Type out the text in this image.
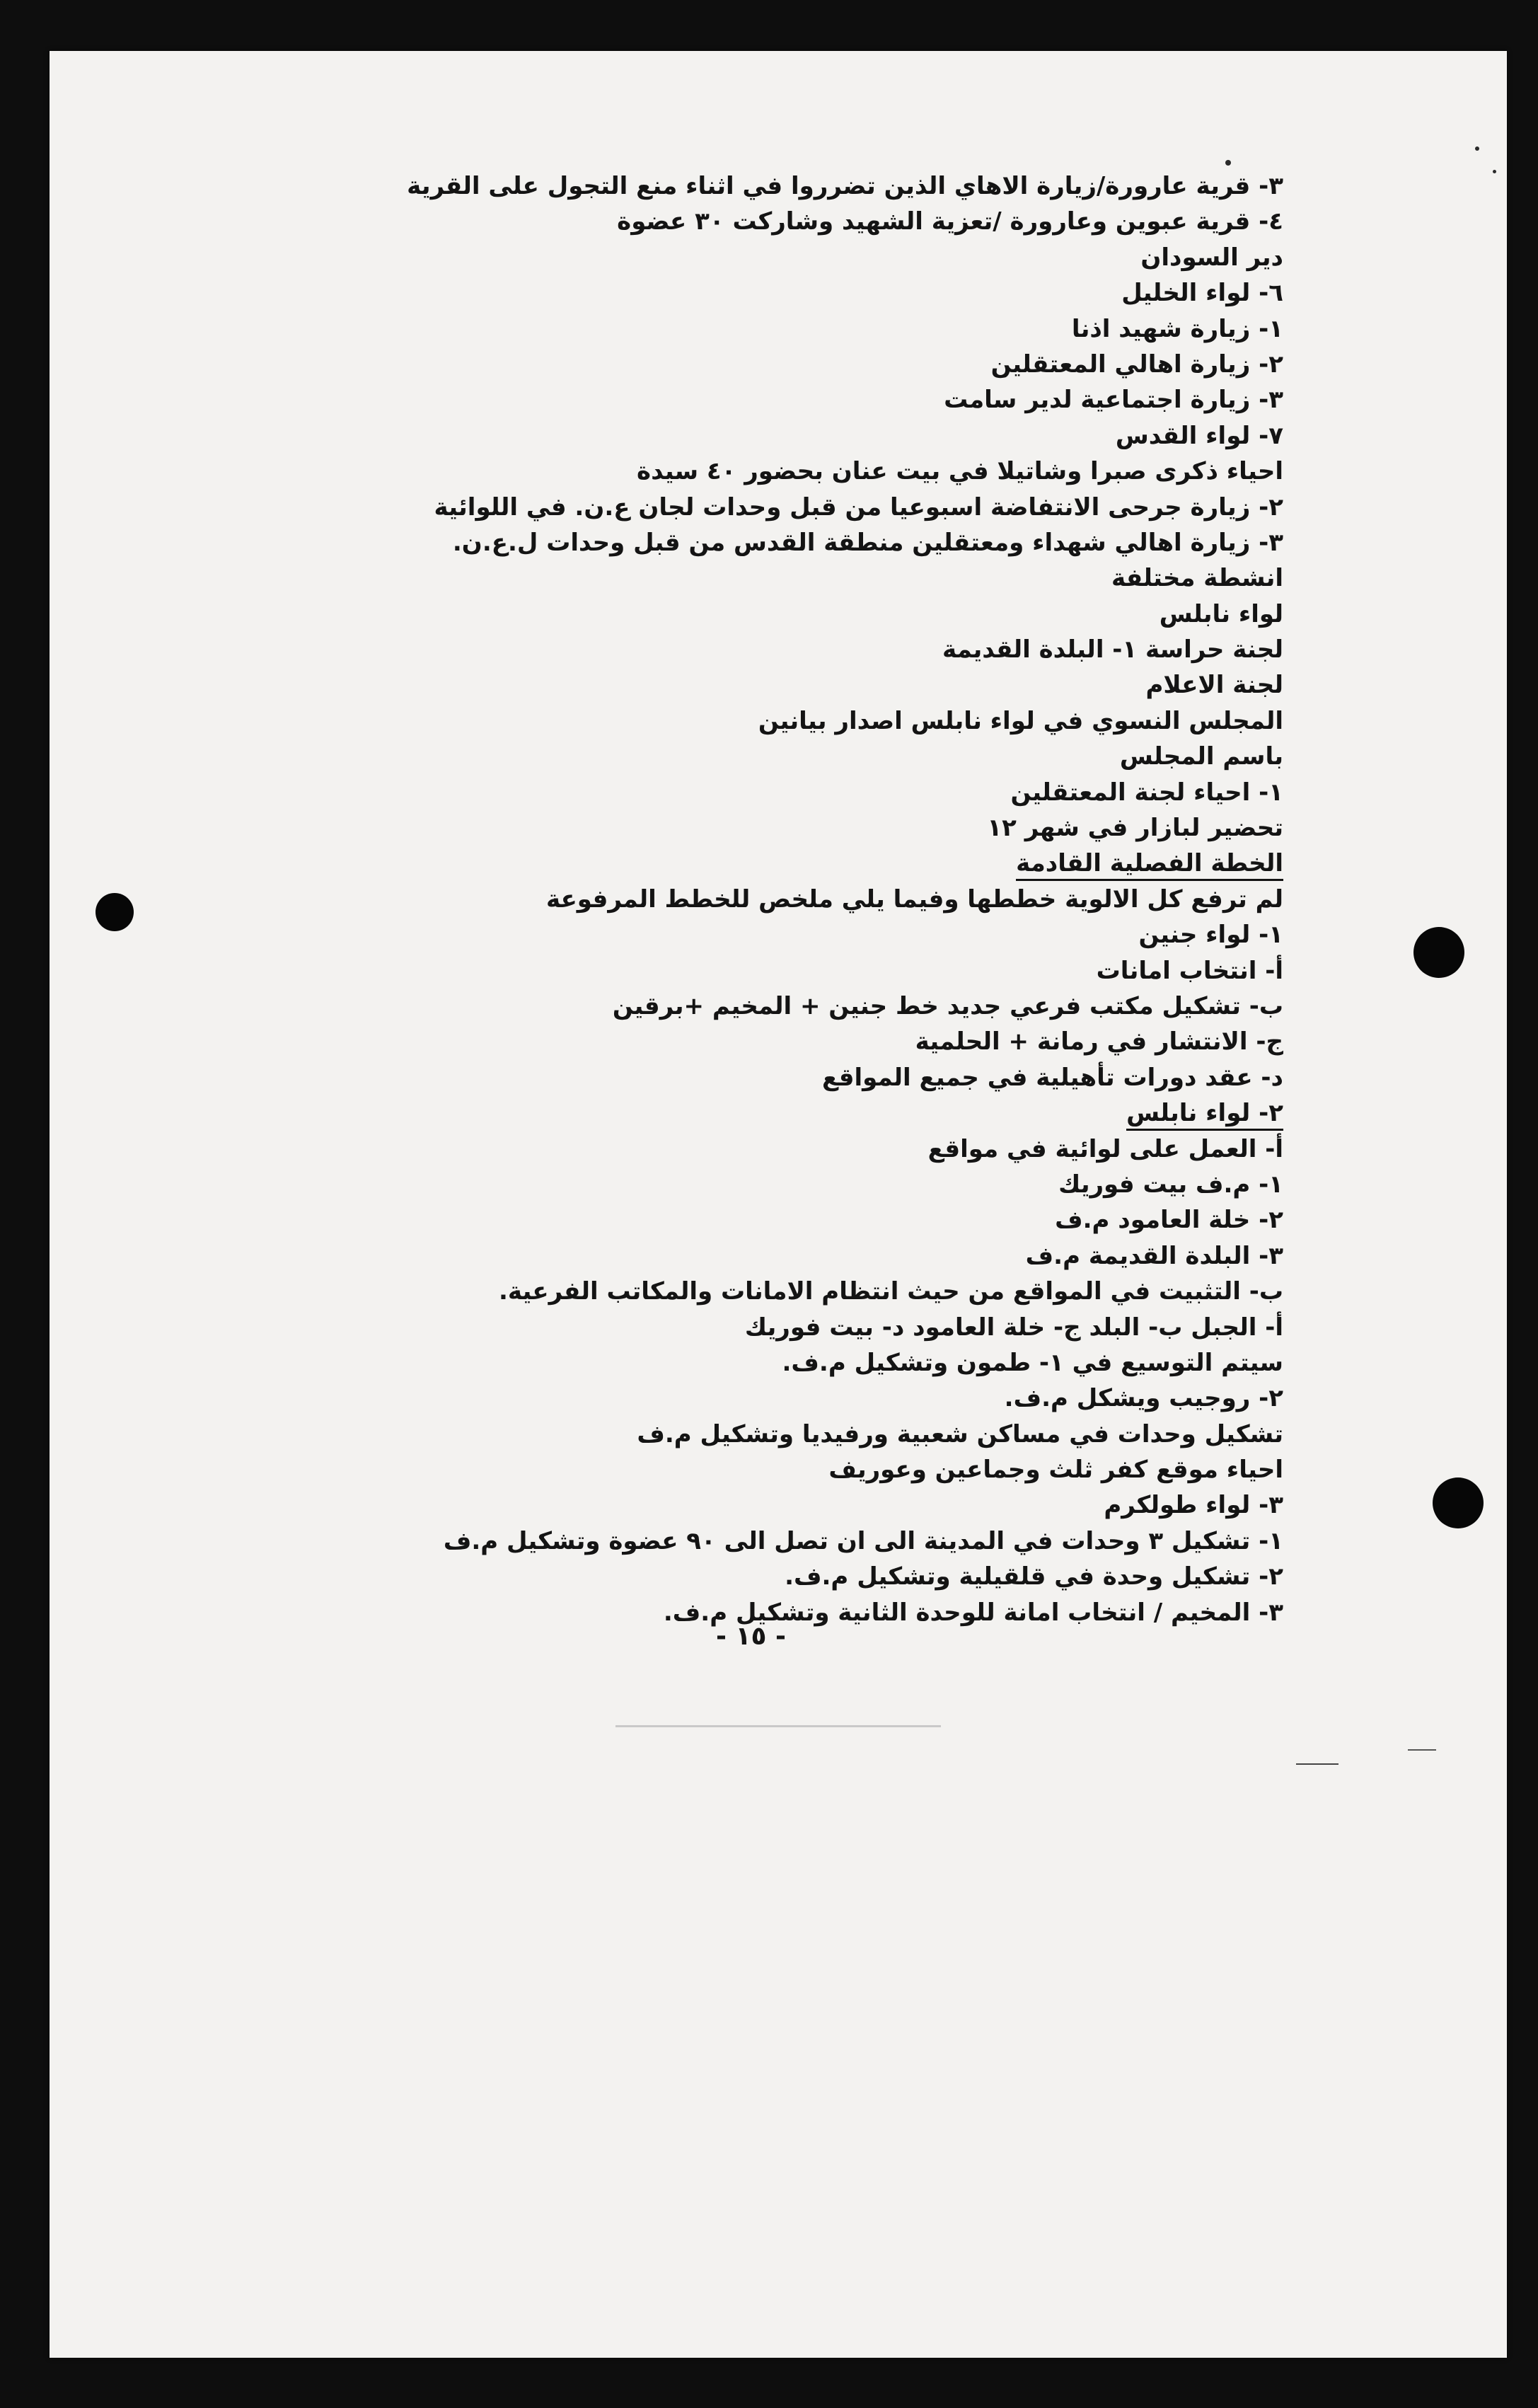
٣- قرية عارورة/زيارة الاهاي الذين تضرروا في اثناء منع التجول على القرية
٤- قرية عبوين وعارورة /تعزية الشهيد وشاركت ٣٠ عضوة
دير السودان
٦- لواء الخليل
١- زيارة شهيد اذنا
٢- زيارة اهالي المعتقلين
٣- زيارة اجتماعية لدير سامت
٧- لواء القدس
احياء ذكرى صبرا وشاتيلا في بيت عنان بحضور ٤٠ سيدة
٢- زيارة جرحى الانتفاضة اسبوعيا من قبل وحدات لجان ع.ن. في اللوائية
٣- زيارة اهالي شهداء ومعتقلين منطقة القدس من قبل وحدات ل.ع.ن.
انشطة مختلفة
لواء نابلس
لجنة حراسة ١- البلدة القديمة
لجنة الاعلام
المجلس النسوي في لواء نابلس اصدار بيانين
باسم المجلس
١- احياء لجنة المعتقلين
تحضير لبازار في شهر ١٢
الخطة الفصلية القادمة
لم ترفع كل الالوية خططها وفيما يلي ملخص للخطط المرفوعة
١- لواء جنين
أ- انتخاب امانات
ب- تشكيل مكتب فرعي جديد خط جنين + المخيم +برقين
ج- الانتشار في رمانة + الحلمية
د- عقد دورات تأهيلية في جميع المواقع
٢- لواء نابلس
أ- العمل على لوائية في مواقع
١- م.ف بيت فوريك
٢- خلة العامود م.ف
٣- البلدة القديمة م.ف
ب- التثبيت في المواقع من حيث انتظام الامانات والمكاتب الفرعية.
أ- الجبل ب- البلد ج- خلة العامود د- بيت فوريك
سيتم التوسيع في ١- طمون وتشكيل م.ف.
٢- روجيب ويشكل م.ف.
تشكيل وحدات في مساكن شعبية ورفيديا وتشكيل م.ف
احياء موقع كفر ثلث وجماعين وعوريف
٣- لواء طولكرم
١- تشكيل ٣ وحدات في المدينة الى ان تصل الى ٩٠ عضوة وتشكيل م.ف
٢- تشكيل وحدة في قلقيلية وتشكيل م.ف.
٣- المخيم / انتخاب امانة للوحدة الثانية وتشكيل م.ف.
- ١٥ -
